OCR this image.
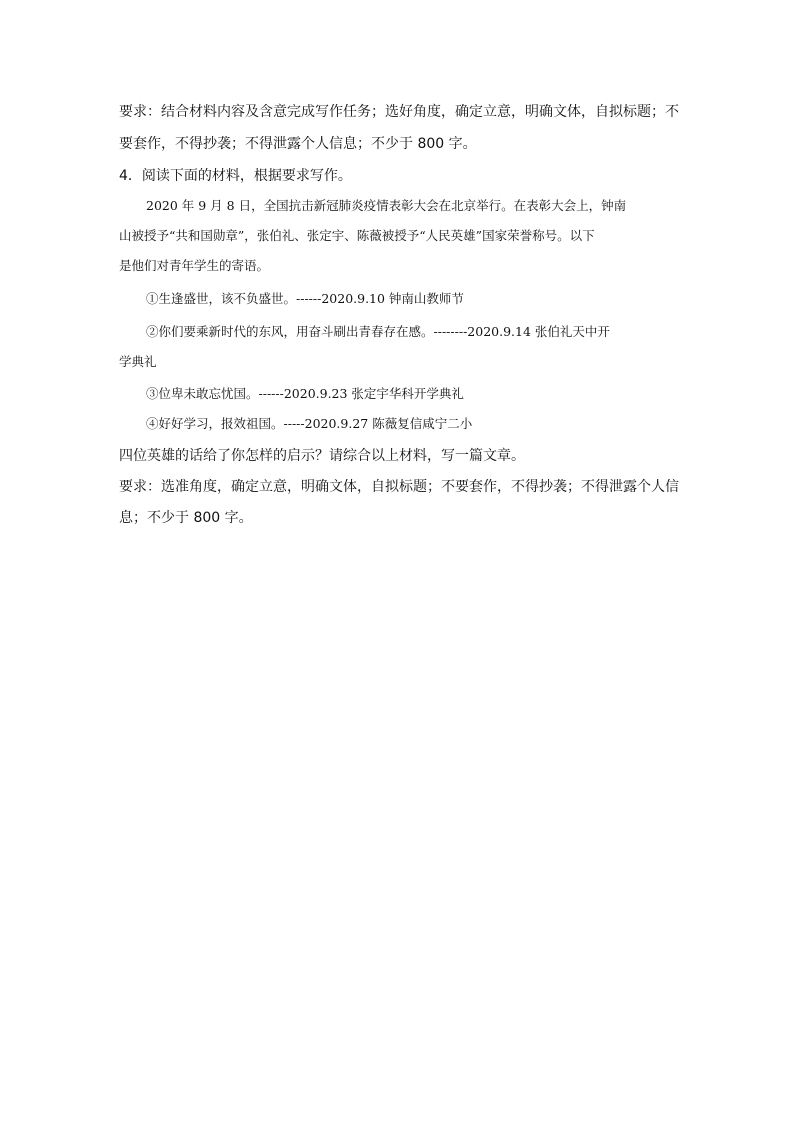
要求：结合材料内容及含意完成写作任务；选好角度，确定立意，明确文体，自拟标题；不
要套作，不得抄袭；不得泄露个人信息；不少于 800 字。
4．阅读下面的材料，根据要求写作。
2020 年 9 月 8 日，全国抗击新冠肺炎疫情表彰大会在北京举行。在表彰大会上，钟南
山被授予“共和国勋章”，张伯礼、张定宇、陈薇被授予“人民英雄”国家荣誉称号。以下
是他们对青年学生的寄语。
①生逢盛世，该不负盛世。------2020.9.10 钟南山教师节
②你们要乘新时代的东风，用奋斗刷出青春存在感。--------2020.9.14 张伯礼天中开
学典礼
③位卑未敢忘忧国。------2020.9.23 张定宇华科开学典礼
④好好学习，报效祖国。-----2020.9.27 陈薇复信咸宁二小
四位英雄的话给了你怎样的启示？请综合以上材料，写一篇文章。
要求：选准角度，确定立意，明确文体，自拟标题；不要套作，不得抄袭；不得泄露个人信
息；不少于 800 字。
